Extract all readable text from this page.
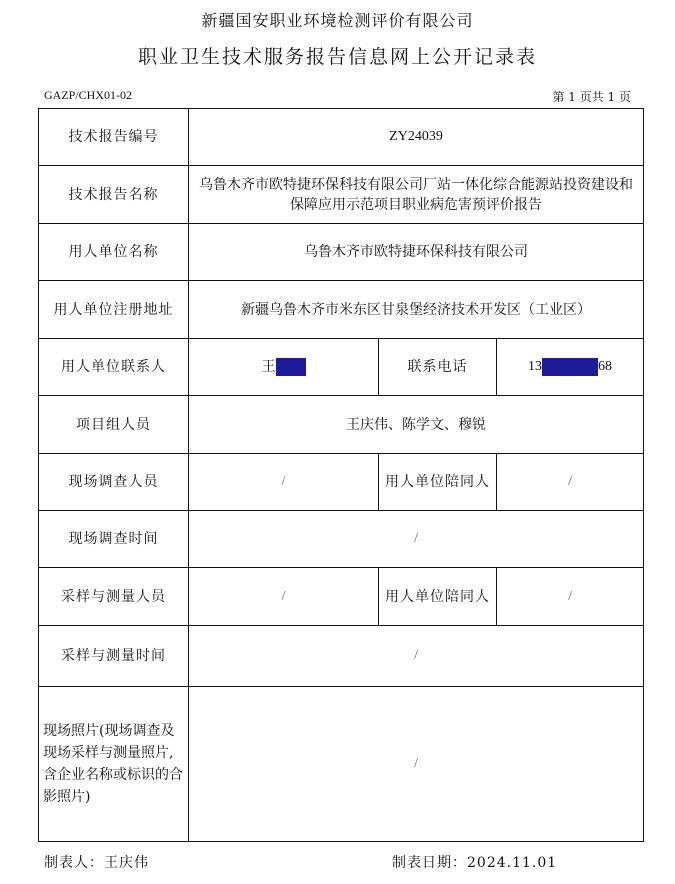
新疆国安职业环境检测评价有限公司
职业卫生技术服务报告信息网上公开记录表
GAZP/CHX01-02	第 1 页共 1 页
技术报告编号	ZY24039		
技术报告名称	乌鲁木齐市欧特捷环保科技有限公司厂站一体化综合能源站投资建设和保障应用示范项目职业病危害预评价报告		
用人单位名称	乌鲁木齐市欧特捷环保科技有限公司		
用人单位注册地址	新疆乌鲁木齐市米东区甘泉堡经济技术开发区（工业区）		
用人单位联系人	王	联系电话	13 68
项目组人员	王庆伟、陈学文、穆锐		
现场调查人员	/	用人单位陪同人	/
现场调查时间	/		
采样与测量人员	/	用人单位陪同人	/
采样与测量时间	/		
现场照片(现场调查及现场采样与测量照片,含企业名称或标识的合影照片)	/		
制表人：王庆伟	制表日期：2024.11.01
